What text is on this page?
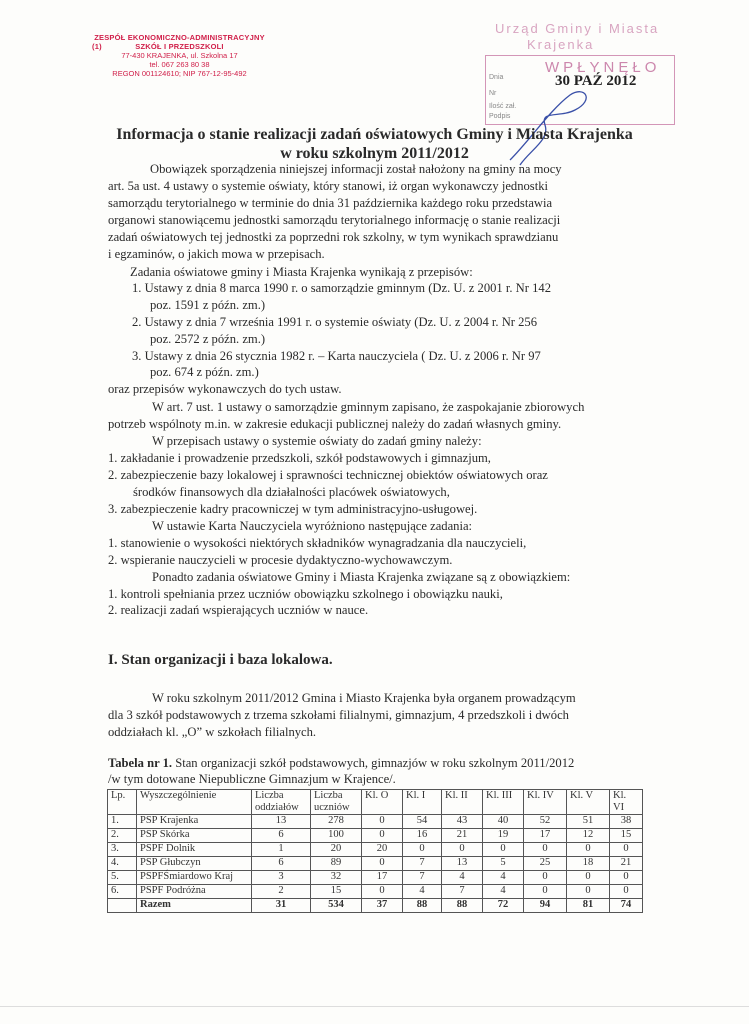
ZESPÓŁ EKONOMICZNO-ADMINISTRACYJNY
(1)	SZKÓŁ I PRZEDSZKOLI
77-430 KRAJENKA, ul. Szkolna 17
tel. 067 263 80 38
REGON 001124610; NIP 767-12-95-492
Urząd Gminy i Miasta
Krajenka
WPŁYNĘŁO
Dnia	30 PAŹ 2012
Nr
Ilość zał.
Podpis
Informacja o stanie realizacji zadań oświatowych Gminy i Miasta Krajenka
w roku szkolnym 2011/2012
Obowiązek sporządzenia niniejszej informacji został nałożony na gminy na mocy
art. 5a ust. 4 ustawy o systemie oświaty, który stanowi, iż organ wykonawczy jednostki
samorządu terytorialnego w terminie do dnia 31 października każdego roku przedstawia
organowi stanowiącemu jednostki samorządu terytorialnego informację o stanie realizacji
zadań oświatowych tej jednostki za poprzedni rok szkolny, w tym wynikach sprawdzianu
i egzaminów, o jakich mowa w przepisach.
Zadania oświatowe gminy i Miasta Krajenka wynikają z przepisów:
1. Ustawy z dnia 8 marca 1990 r. o samorządzie gminnym (Dz. U. z 2001 r. Nr 142
poz. 1591 z późn. zm.)
2. Ustawy z dnia 7 września 1991 r. o systemie oświaty (Dz. U. z 2004 r. Nr 256
poz. 2572 z późn. zm.)
3. Ustawy z dnia 26 stycznia 1982 r. – Karta nauczyciela ( Dz. U. z 2006 r. Nr 97
poz. 674 z późn. zm.)
oraz przepisów wykonawczych do tych ustaw.
W art. 7 ust. 1 ustawy o samorządzie gminnym zapisano, że zaspokajanie zbiorowych
potrzeb wspólnoty m.in. w zakresie edukacji publicznej należy do zadań własnych gminy.
W przepisach ustawy o systemie oświaty do zadań gminy należy:
1. zakładanie i prowadzenie przedszkoli, szkół podstawowych i gimnazjum,
2. zabezpieczenie bazy lokalowej i sprawności technicznej obiektów oświatowych oraz
środków finansowych dla działalności placówek oświatowych,
3. zabezpieczenie kadry pracowniczej w tym administracyjno-usługowej.
W ustawie Karta Nauczyciela wyróżniono następujące zadania:
1. stanowienie o wysokości niektórych składników wynagradzania dla nauczycieli,
2. wspieranie nauczycieli w procesie dydaktyczno-wychowawczym.
Ponadto zadania oświatowe Gminy i Miasta Krajenka związane są z obowiązkiem:
1. kontroli spełniania przez uczniów obowiązku szkolnego i obowiązku nauki,
2. realizacji zadań wspierających uczniów w nauce.
I. Stan organizacji i baza lokalowa.
W roku szkolnym 2011/2012 Gmina i Miasto Krajenka była organem prowadzącym
dla 3 szkół podstawowych z trzema szkołami filialnymi, gimnazjum, 4 przedszkoli i dwóch
oddziałach kl. „O” w szkołach filialnych.
Tabela nr 1. Stan organizacji szkół podstawowych, gimnazjów w roku szkolnym 2011/2012
/w tym dotowane Niepubliczne Gimnazjum w Krajence/.
Lp.	Wyszczególnienie	Liczba oddziałów	Liczba uczniów	Kl. O	Kl. I	Kl. II	Kl. III	Kl. IV	Kl. V	Kl. VI
1.	PSP Krajenka	13	278	0	54	43	40	52	51	38
2.	PSP Skórka	6	100	0	16	21	19	17	12	15
3.	PSPF Dolnik	1	20	20	0	0	0	0	0	0
4.	PSP Głubczyn	6	89	0	7	13	5	25	18	21
5.	PSPFŚmiardowo Kraj	3	32	17	7	4	4	0	0	0
6.	PSPF Podróżna	2	15	0	4	7	4	0	0	0
	Razem	31	534	37	88	88	72	94	81	74
